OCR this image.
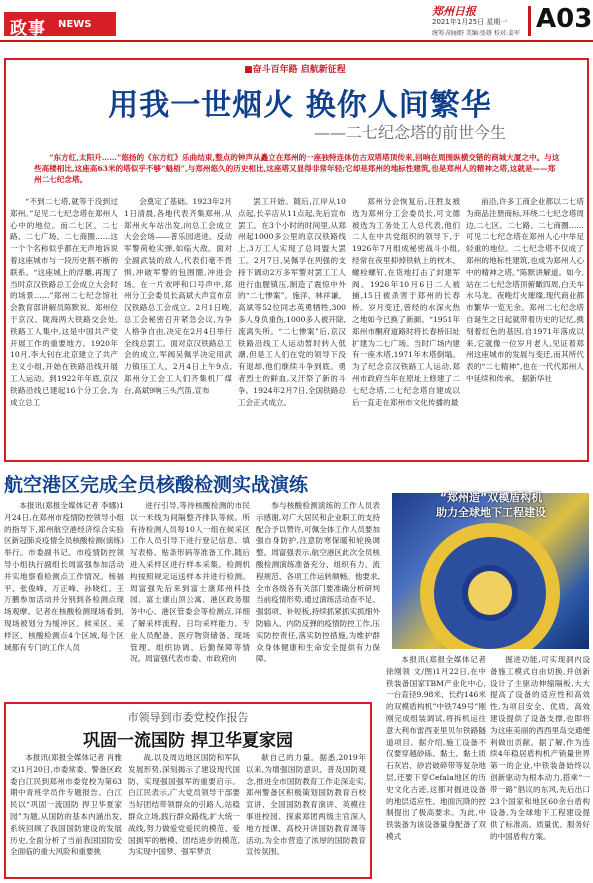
政事 NEWS
郑州日报
2021年1月25日 星期一
统筹:胡丽野 美编:张妍 校对:姜军 A03
■奋斗百年路 启航新征程
用我一世烟火 换你人间繁华
——二七纪念塔的前世今生
“东方红,太阳升……”悠扬的《东方红》乐曲结束,整点的钟声从矗立在郑州的一座独特连体仿古双塔塔顶传来,回响在周围纵横交错的商城大厦之中。与这些高楼相比,这座高63米的塔似乎不够“魁梧”,与郑州悠久的历史相比,这座塔又显得非常年轻;它却是郑州的地标性建筑,也是郑州人的精神之塔,这就是——郑州二七纪念塔。
“不到二七塔,就等于没到过郑州。”足见二七纪念塔在郑州人心中的地位。而二七区、二七路、二七广场、二七商圈……这一个个名称似乎都在无声地诉说着这座城市与一段历史割不断的联系。“这座城上的浮雕,再现了当时京汉铁路总工会成立大会时的场景……”郑州二七纪念馆社会教育部讲解员陈默说。郑州位于京汉、陇海两大铁路交会处,铁路工人集中,这是中国共产党开展工作的重要地方。1920年10月,李大钊在北京建立了共产主义小组,开始在铁路沿线开展工人运动。到1922年年底,京汉铁路沿线已建起16个分工会,为成立总工
会奠定了基础。1923年2月1日清晨,各地代表齐集郑州,从郑州火车站出发,向总工会成立大会会场——普乐园进进。反动军警荷枪实弹,如临大敌。面对全副武装的敌人,代表们毫不畏惧,冲破军警的包围圈,冲进会场。在一片欢呼和口号声中,郑州分工会委员长高斌大声宣布京汉铁路总工会成立。2月1日晚,总工会秘密召开紧急会议,为争人格争自由,决定在2月4日举行全线总罢工。面对京汉铁路总工会的成立,军阀吴佩孚决定用武力镇压工人。2月4日上午9点,郑州分工会工人们齐集机厂煤台,高斌9响三头汽笛,宣布
罢工开始。随后,江岸从10点起,长辛店从11点起,先后宣布罢工。在3个小时的时间里,从郑州起1000多公里的京汉铁路线上,3万工人实现了总同盟大罢工。2月7日,吴佩孚在列强的支持下调动2万多军警对罢工工人进行血腥镇压,制造了震惊中外的“二七惨案”。施洋、林祥谦、高斌等52位同志英勇牺牲,300多人身负重伤,1000多人被开除,流离失所。“二七惨案”后,京汉铁路沿线工人运动暂时转入低潮,但是工人们在党的领导下没有退却,他们继续斗争到底。勇者烈士的鲜血,又汗祭了新的斗争。1924年2月7日,全国铁路总工会正式成立。
郑州分会恢复后,汪胜友被选为郑州分工会委员长,可文德被选为工务处工人总代表,他们二人在中共党组织的领导下,于1926年7月组成秘密战斗小组,经常在夜里抑掉铁轨上的枕木、螺栓螺钉,在货地打击了封建军阀。1926年10月6日二人被捕,15日被杀害于郑州的长春桥。岁月变迁,曾经的水深火热之地如今已换了新颜。“1951年郑州市酮府道路时将长春桥旧址扩建为二七广场。当时广场内建有一座木塔,1971年木塔倒塌。为了纪念京汉铁路工人运动,郑州市政府当年在原址上修建了二七纪念塔,二七纪念塔自建成以后一直走在郑州市文化传播的最
前沿,许多工商企业都以二七塔为商品注册商标,环绕二七纪念塔周边,二七区、二七路、二七商圈……可见二七纪念塔在郑州人心中举足轻重的地位。二七纪念塔不仅成了郑州的地标性建筑,也成为郑州人心中的精神之塔。”陈默讲解道。如今,站在二七纪念塔顶俯瞰四周,白天车水马龙、夜晚灯火璀璨,现代商业都市繁华一览无余。郑州二七纪念塔自诞生之日起就带着历史的记忆,携刻着红色的基因,自1971年落成以来,它就像一位岁月老人,见证着郑州这座城市的发展与变迁,而其所代表的“二七精神”,也在一代代郑州人中延续和传承。 据新华社
航空港区完成全员核酸检测实战演练
本报讯(郑报全媒体记者 李娜)1月24日,在郑州市疫情防控领导小组的指导下,郑州航空港经济综合实验区新冠肺炎疫情全员核酸检测(演练)举行。市委副书记、市疫情防控领导小组执行副组长周富强参加活动并实地察看检测点工作情况。杨福平、张俊峰、万正峰、孙晓红、王万鹏参加活动并分别到各检测点现场观摩。记者在核酸检测现场看到,现场被划分为缓冲区、候采区、采样区、核酸检测点4个区域,每个区域都有专门的工作人员
进行引导,等待核酸检测的市民以一米线为间隔整齐排队等候。所有待检测人员每10人一组在候采区工作人员引导下进行登记信息、填写表格、贴条形码等准备工作,随后进入采样区进行样本采集。检测机构按照规定运送样本并进行检测。周富强先后来到富士康郑州科技园、富士康山顶公寓、港区政务服务中心、港区管委会等检测点,详细了解采样流程、日均采样能力、专业人员配备、医疗物资储备、现场管理、组织协调、后勤保障等情况。周富强代表市委、市政府向
参与核酸检测演练的工作人员表示感谢,对广大居民和企业职工的支持配合予以赞许,可佩全体工作人员要加强自身防护,注意防寒保暖和轮换调整。周富强表示,航空港区此次全员核酸检测演练准备充分、组织有力、流程规范、各项工作运转顺畅。他要求,全市各级各有关部门要准确分析研判当前疫情形势,通过演练活动查不足、强弱项、补短板,持续抓紧抓实抓细外防输入、内防反弹的疫情防控工作,压实防控责任,落实防控措施,为维护群众身体健康和生命安全提供有力保障。
“郑州造”双模盾构机
助力全球地下工程建设
本报讯(郑报全媒体记者 徐刚领 文/图)1月22日,在中铁装备国家TBM产业化中心,一台直径9.98米、长约146米的双模盾构机”中铁749号”刚刚完成组装调试,将拆机运往意大利布雷西亚里贝尔铁路隧道项目。据介绍,施工设备不仅要穿越砂砾、黏土、黏土质石灰岩、砂岩破碎带等复杂地层,还要下穿Cefala地区的历史文化古迹,这都对掘进设备的地层适应性、地面沉降的控制提出了极高要求。为此,中铁装备为该设备量身配备了双模式
掘进功能,可实现洞内设备施工模式自由切换,并创新设计了主驱动伸缩隔板,大大提高了设备的适应性和高效性,为项目安全、优质、高效建设提供了设备支撑,也即将为这座美丽的西西里岛交通便利做出贡献。据了解,作为连续4年稳居盾构机产销量世界第一的企业,中铁装备始终以创新驱动为根本动力,搭乘“一带一路”倡议的东风,先后出口23个国家和地区60余台盾构设备,为全球地下工程建设提供了标准高、质量优、服务好的中国盾构方案。
市领导到市委党校作报告
巩固一流国防 捍卫华夏家园
本报讯(郑报全媒体记者 肖雅文)1月20日,市委常委、警备区政委白江民到郑州市委党校为第63期中青班学员作专题报告。白江民以“巩固一流国防 捍卫华夏家园”为题,从国防的基本内涵出发,系统回顾了我国国防建设的发展历史,全面分析了当前我国国防安全面临的重大风险和重要挑
战,以及周边地区国防和军队发展形势,深刻揭示了建设现代国防、实现强国强军的重要启示。白江民表示,广大党员领导干部要当好团结带领群众的引路人,站稳群众立场,践行群众路线,扩大统一战线,努力做爱党爱民的模范、爱国拥军的楷模、团结进步的模范,为实现中国梦、强军梦贡
献自己的力量。据悉,2019年以来,为增强国防意识、普及国防观念,推进全市国防教育工作走深走实,郑州警备区积极策划国防教育百校宣讲、全国国防教育演讲、英模往事进校园、探索郑团两级主官深入地方授课、高校开讲国防教育课等活动,为全市营造了浓厚的国防教育宣传氛围。
